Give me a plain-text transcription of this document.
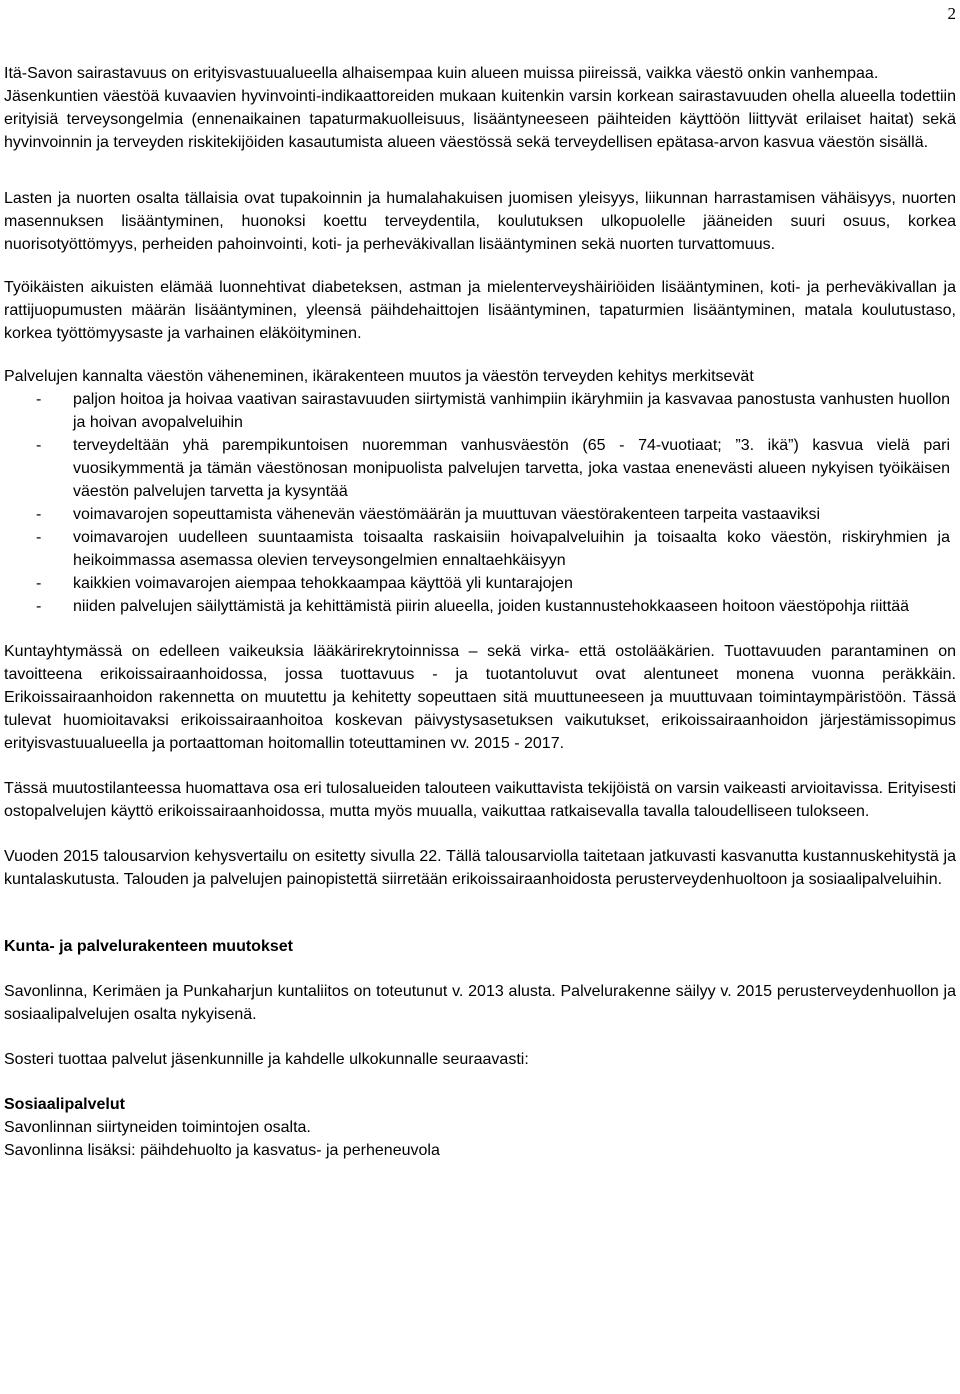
2

Itä-Savon sairastavuus on erityisvastuualueella alhaisempaa kuin alueen muissa piireissä, vaikka väestö onkin vanhempaa.

Jäsenkuntien väestöä kuvaavien hyvinvointi-indikaattoreiden mukaan kuitenkin varsin korkean sairastavuuden ohella alueella todettiin erityisiä terveysongelmia (ennenaikainen tapaturmakuolleisuus, lisääntyneeseen päihteiden käyttöön liittyvät erilaiset haitat) sekä hyvinvoinnin ja terveyden riskitekijöiden kasautumista alueen väestössä sekä terveydellisen epätasa-arvon kasvua väestön sisällä.

Lasten ja nuorten osalta tällaisia ovat tupakoinnin ja humalahakuisen juomisen yleisyys, liikunnan harrastamisen vähäisyys, nuorten masennuksen lisääntyminen, huonoksi koettu terveydentila, koulutuksen ulkopuolelle jääneiden suuri osuus, korkea nuorisotyöttömyys, perheiden pahoinvointi, koti- ja perheväkivallan lisääntyminen sekä nuorten turvattomuus.

Työikäisten aikuisten elämää luonnehtivat diabeteksen, astman ja mielenterveyshäiriöiden lisääntyminen, koti- ja perheväkivallan ja rattijuopumusten määrän lisääntyminen, yleensä päihdehaittojen lisääntyminen, tapaturmien lisääntyminen, matala koulutustaso, korkea työttömyysaste ja varhainen eläköityminen.

Palvelujen kannalta väestön väheneminen, ikärakenteen muutos ja väestön terveyden kehitys merkitsevät

- paljon hoitoa ja hoivaa vaativan sairastavuuden siirtymistä vanhimpiin ikäryhmiin ja kasvavaa panostusta vanhusten huollon ja hoivan avopalveluihin
- terveydeltään yhä parempikuntoisen nuoremman vanhusväestön (65 - 74-vuotiaat; ”3. ikä”) kasvua vielä pari vuosikymmentä ja tämän väestönosan monipuolista palvelujen tarvetta, joka vastaa enenevästi alueen nykyisen työikäisen väestön palvelujen tarvetta ja kysyntää
- voimavarojen sopeuttamista vähenevän väestömäärän ja muuttuvan väestörakenteen tarpeita vastaaviksi
- voimavarojen uudelleen suuntaamista toisaalta raskaisiin hoivapalveluihin ja toisaalta koko väestön, riskiryhmien ja heikoimmassa asemassa olevien terveysongelmien ennaltaehkäisyyn
- kaikkien voimavarojen aiempaa tehokkaampaa käyttöä yli kuntarajojen
- niiden palvelujen säilyttämistä ja kehittämistä piirin alueella, joiden kustannustehokkaaseen hoitoon väestöpohja riittää

Kuntayhtymässä on edelleen vaikeuksia lääkärirekrytoinnissa – sekä virka- että ostolääkärien. Tuottavuuden parantaminen on tavoitteena erikoissairaanhoidossa, jossa tuottavuus - ja tuotantoluvut ovat alentuneet monena vuonna peräkkäin. Erikoissairaanhoidon rakennetta on muutettu ja kehitetty sopeuttaen sitä muuttuneeseen ja muuttuvaan toimintaympäristöön. Tässä tulevat huomioitavaksi erikoissairaanhoitoa koskevan päivystysasetuksen vaikutukset, erikoissairaanhoidon järjestämissopimus erityisvastuualueella ja portaattoman hoitomallin toteuttaminen vv. 2015 - 2017.

Tässä muutostilanteessa huomattava osa eri tulosalueiden talouteen vaikuttavista tekijöistä on varsin vaikeasti arvioitavissa. Erityisesti ostopalvelujen käyttö erikoissairaanhoidossa, mutta myös muualla, vaikuttaa ratkaisevalla tavalla taloudelliseen tulokseen.

Vuoden 2015 talousarvion kehysvertailu on esitetty sivulla 22. Tällä talousarviolla taitetaan jatkuvasti kasvanutta kustannuskehitystä ja kuntalaskutusta. Talouden ja palvelujen painopistettä siirretään erikoissairaanhoidosta perusterveydenhuoltoon ja sosiaalipalveluihin.

Kunta- ja palvelurakenteen muutokset

Savonlinna, Kerimäen ja Punkaharjun kuntaliitos on toteutunut v. 2013 alusta. Palvelurakenne säilyy v. 2015 perusterveydenhuollon ja sosiaalipalvelujen osalta nykyisenä.

Sosteri tuottaa palvelut jäsenkunnille ja kahdelle ulkokunnalle seuraavasti:

Sosiaalipalvelut

Savonlinnan siirtyneiden toimintojen osalta.

Savonlinna lisäksi: päihdehuolto ja kasvatus- ja perheneuvola
